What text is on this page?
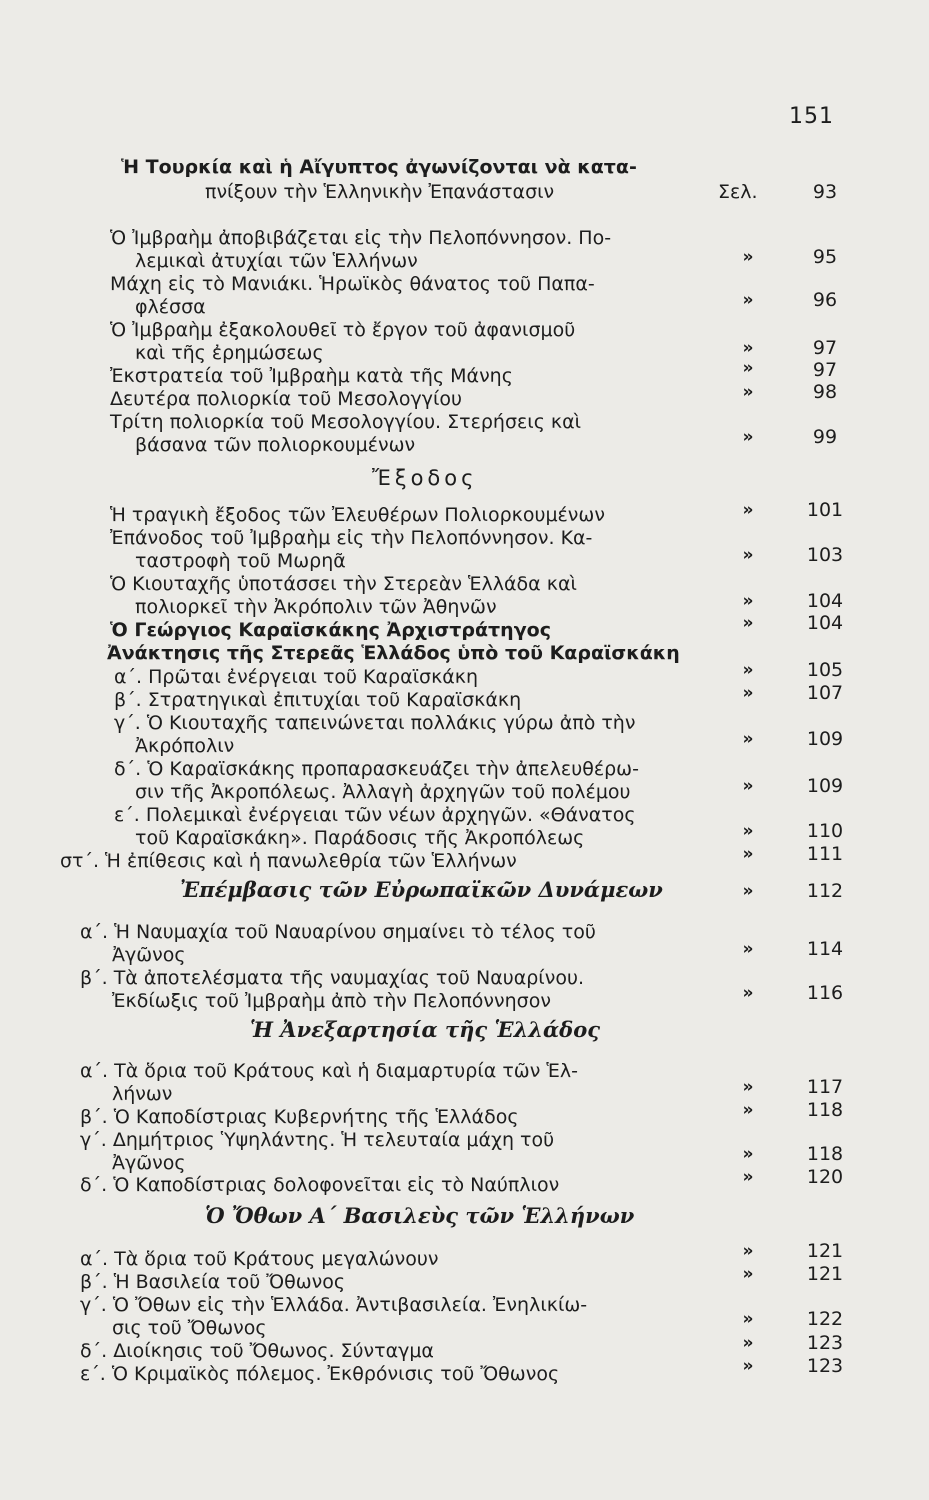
151
Ἡ Τουρκία καὶ ἡ Αἴγυπτος ἀγωνίζονται νὰ κατα-
πνίξουν τὴν Ἑλληνικὴν Ἐπανάστασιν	Σελ.	93
Ὁ Ἰμβραὴμ ἀποβιβάζεται εἰς τὴν Πελοπόννησον. Πο-
λεμικαὶ ἀτυχίαι τῶν Ἑλλήνων	»	95
Μάχη εἰς τὸ Μανιάκι. Ἡρωϊκὸς θάνατος τοῦ Παπα-
φλέσσα	»	96
Ὁ Ἰμβραὴμ ἐξακολουθεῖ τὸ ἔργον τοῦ ἀφανισμοῦ
καὶ τῆς ἐρημώσεως	»	97
Ἐκστρατεία τοῦ Ἰμβραὴμ κατὰ τῆς Μάνης	»	97
Δευτέρα πολιορκία τοῦ Μεσολογγίου	»	98
Τρίτη πολιορκία τοῦ Μεσολογγίου. Στερήσεις καὶ
βάσανα τῶν πολιορκουμένων	»	99
Ἔξοδος
Ἡ τραγικὴ ἔξοδος τῶν Ἐλευθέρων Πολιορκουμένων	»	101
Ἐπάνοδος τοῦ Ἰμβραὴμ εἰς τὴν Πελοπόννησον. Κα-
ταστροφὴ τοῦ Μωρηᾶ	»	103
Ὁ Κιουταχῆς ὑποτάσσει τὴν Στερεὰν Ἑλλάδα καὶ
πολιορκεῖ τὴν Ἀκρόπολιν τῶν Ἀθηνῶν	»	104
Ὁ Γεώργιος Καραϊσκάκης Ἀρχιστράτηγος	»	104
Ἀνάκτησις τῆς Στερεᾶς Ἑλλάδος ὑπὸ τοῦ Καραϊσκάκη
α΄. Πρῶται ἐνέργειαι τοῦ Καραϊσκάκη	»	105
β΄. Στρατηγικαὶ ἐπιτυχίαι τοῦ Καραϊσκάκη	»	107
γ΄. Ὁ Κιουταχῆς ταπεινώνεται πολλάκις γύρω ἀπὸ τὴν
Ἀκρόπολιν	»	109
δ΄. Ὁ Καραϊσκάκης προπαρασκευάζει τὴν ἀπελευθέρω-
σιν τῆς Ἀκροπόλεως. Ἀλλαγὴ ἀρχηγῶν τοῦ πολέμου	»	109
ε΄. Πολεμικαὶ ἐνέργειαι τῶν νέων ἀρχηγῶν. «Θάνατος
τοῦ Καραϊσκάκη». Παράδοσις τῆς Ἀκροπόλεως	»	110
στ΄. Ἡ ἐπίθεσις καὶ ἡ πανωλεθρία τῶν Ἑλλήνων	»	111
Ἐπέμβασις τῶν Εὐρωπαϊκῶν Δυνάμεων	»	112
α΄. Ἡ Ναυμαχία τοῦ Ναυαρίνου σημαίνει τὸ τέλος τοῦ
Ἀγῶνος	»	114
β΄. Τὰ ἀποτελέσματα τῆς ναυμαχίας τοῦ Ναυαρίνου.
Ἐκδίωξις τοῦ Ἰμβραὴμ ἀπὸ τὴν Πελοπόννησον	»	116
Ἡ Ἀνεξαρτησία τῆς Ἑλλάδος
α΄. Τὰ ὅρια τοῦ Κράτους καὶ ἡ διαμαρτυρία τῶν Ἑλ-
λήνων	»	117
β΄. Ὁ Καποδίστριας Κυβερνήτης τῆς Ἑλλάδος	»	118
γ΄. Δημήτριος Ὑψηλάντης. Ἡ τελευταία μάχη τοῦ
Ἀγῶνος	»	118
δ΄. Ὁ Καποδίστριας δολοφονεῖται εἰς τὸ Ναύπλιον	»	120
Ὁ Ὄθων Α΄ Βασιλεὺς τῶν Ἑλλήνων
α΄. Τὰ ὅρια τοῦ Κράτους μεγαλώνουν	»	121
β΄. Ἡ Βασιλεία τοῦ Ὄθωνος	»	121
γ΄. Ὁ Ὄθων εἰς τὴν Ἑλλάδα. Ἀντιβασιλεία. Ἐνηλικίω-
σις τοῦ Ὄθωνος	»	122
δ΄. Διοίκησις τοῦ Ὄθωνος. Σύνταγμα	»	123
ε΄. Ὁ Κριμαϊκὸς πόλεμος. Ἐκθρόνισις τοῦ Ὄθωνος	»	123
